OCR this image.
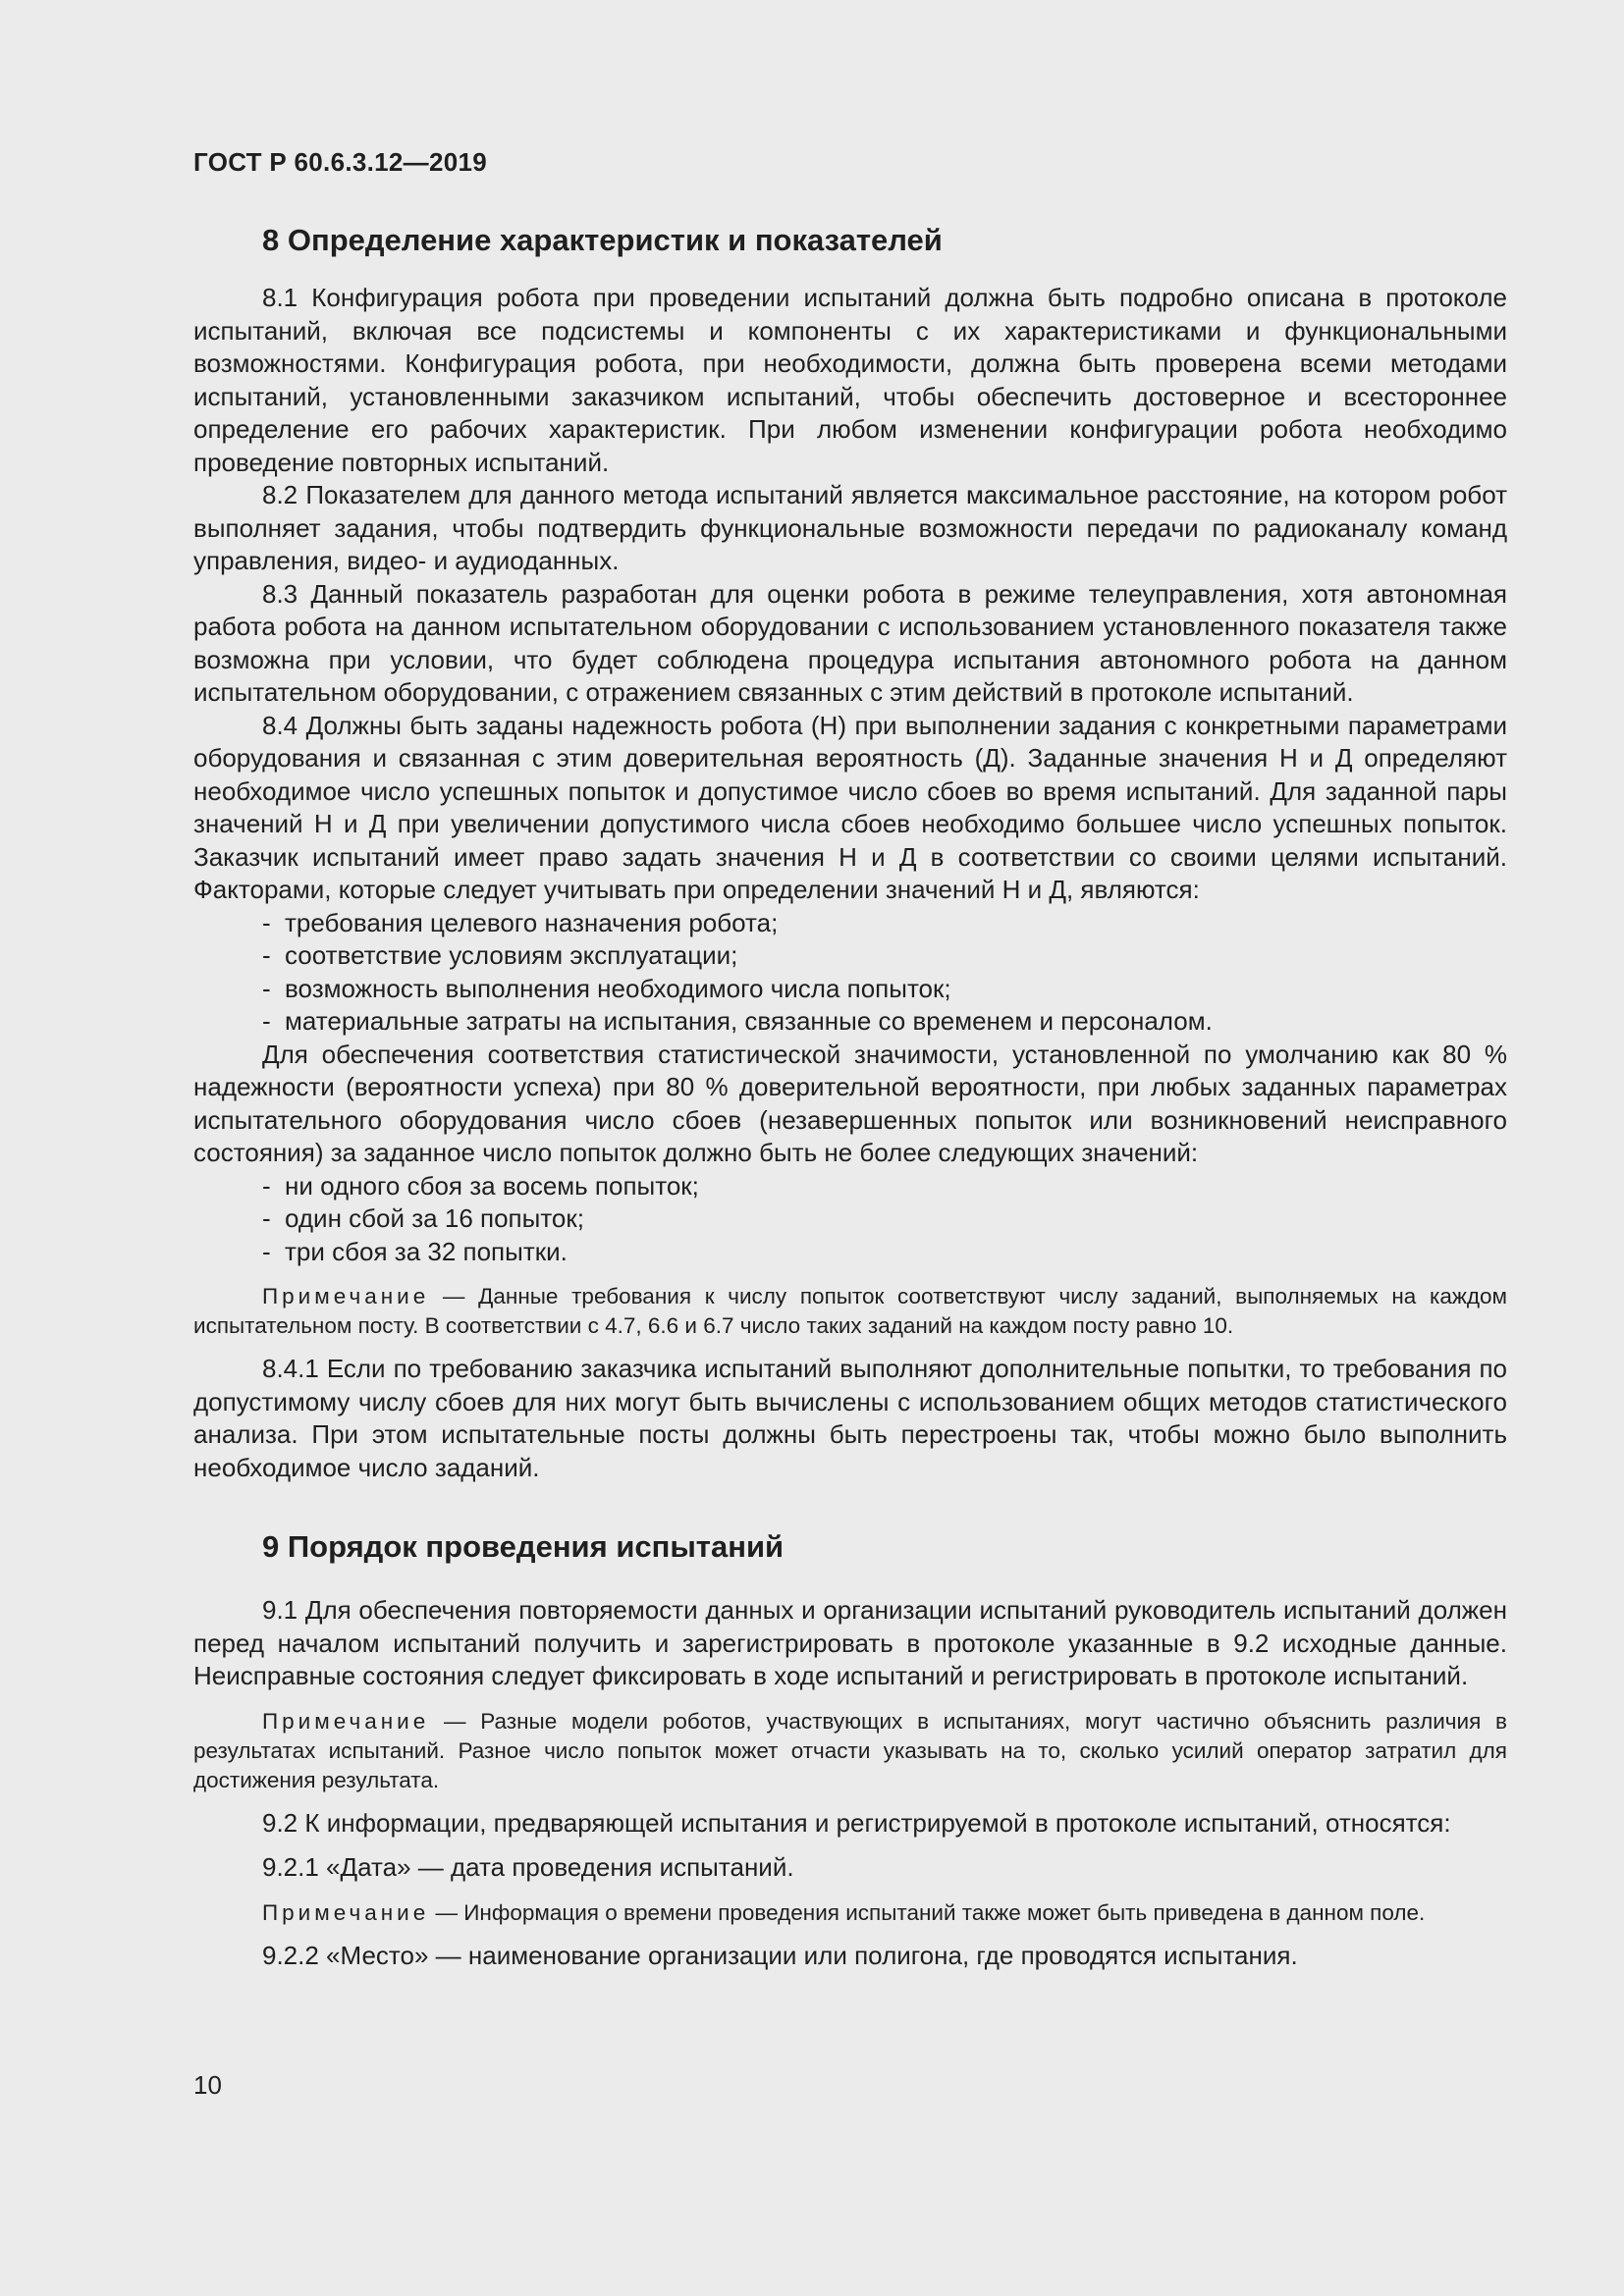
ГОСТ Р 60.6.3.12—2019
8 Определение характеристик и показателей

8.1 Конфигурация робота при проведении испытаний должна быть подробно описана в протоколе испытаний, включая все подсистемы и компоненты с их характеристиками и функциональными возможностями. Конфигурация робота, при необходимости, должна быть проверена всеми методами испытаний, установленными заказчиком испытаний, чтобы обеспечить достоверное и всестороннее определение его рабочих характеристик. При любом изменении конфигурации робота необходимо проведение повторных испытаний.

8.2 Показателем для данного метода испытаний является максимальное расстояние, на котором робот выполняет задания, чтобы подтвердить функциональные возможности передачи по радиоканалу команд управления, видео- и аудиоданных.

8.3 Данный показатель разработан для оценки робота в режиме телеуправления, хотя автономная работа робота на данном испытательном оборудовании с использованием установленного показателя также возможна при условии, что будет соблюдена процедура испытания автономного робота на данном испытательном оборудовании, с отражением связанных с этим действий в протоколе испытаний.

8.4 Должны быть заданы надежность робота (Н) при выполнении задания с конкретными параметрами оборудования и связанная с этим доверительная вероятность (Д). Заданные значения Н и Д определяют необходимое число успешных попыток и допустимое число сбоев во время испытаний. Для заданной пары значений Н и Д при увеличении допустимого числа сбоев необходимо большее число успешных попыток. Заказчик испытаний имеет право задать значения Н и Д в соответствии со своими целями испытаний. Факторами, которые следует учитывать при определении значений Н и Д, являются:

- требования целевого назначения робота;
- соответствие условиям эксплуатации;
- возможность выполнения необходимого числа попыток;
- материальные затраты на испытания, связанные со временем и персоналом.

Для обеспечения соответствия статистической значимости, установленной по умолчанию как 80 % надежности (вероятности успеха) при 80 % доверительной вероятности, при любых заданных параметрах испытательного оборудования число сбоев (незавершенных попыток или возникновений неисправного состояния) за заданное число попыток должно быть не более следующих значений:

- ни одного сбоя за восемь попыток;
- один сбой за 16 попыток;
- три сбоя за 32 попытки.
Примечание — Данные требования к числу попыток соответствуют числу заданий, выполняемых на каждом испытательном посту. В соответствии с 4.7, 6.6 и 6.7 число таких заданий на каждом посту равно 10.

8.4.1 Если по требованию заказчика испытаний выполняют дополнительные попытки, то требования по допустимому числу сбоев для них могут быть вычислены с использованием общих методов статистического анализа. При этом испытательные посты должны быть перестроены так, чтобы можно было выполнить необходимое число заданий.

9 Порядок проведения испытаний

9.1 Для обеспечения повторяемости данных и организации испытаний руководитель испытаний должен перед началом испытаний получить и зарегистрировать в протоколе указанные в 9.2 исходные данные. Неисправные состояния следует фиксировать в ходе испытаний и регистрировать в протоколе испытаний.

Примечание — Разные модели роботов, участвующих в испытаниях, могут частично объяснить различия в результатах испытаний. Разное число попыток может отчасти указывать на то, сколько усилий оператор затратил для достижения результата.

9.2 К информации, предваряющей испытания и регистрируемой в протоколе испытаний, относятся:

9.2.1 «Дата» — дата проведения испытаний.

Примечание — Информация о времени проведения испытаний также может быть приведена в данном поле.

9.2.2 «Место» — наименование организации или полигона, где проводятся испытания.

10
